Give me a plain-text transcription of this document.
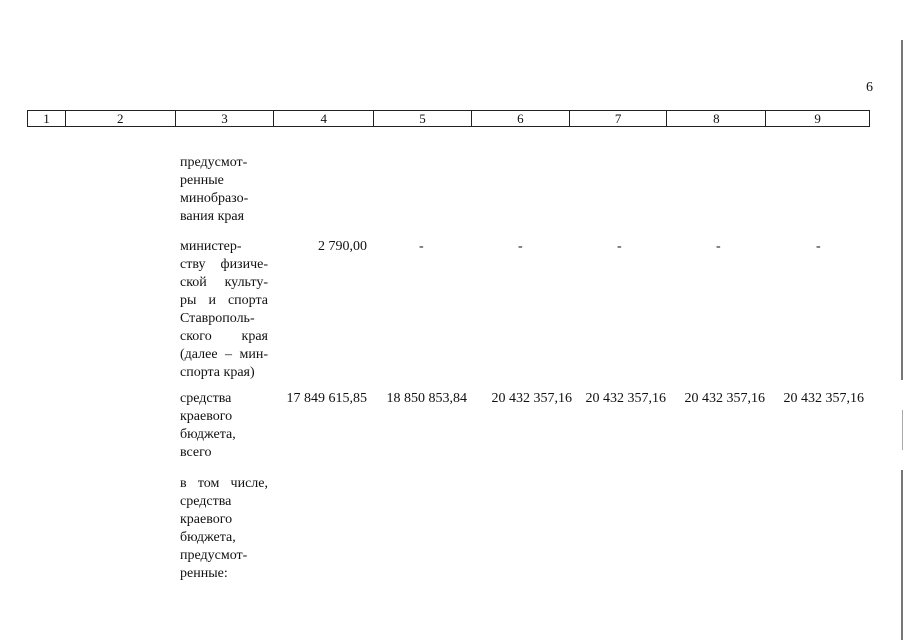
6
1	2	3	4	5	6	7	8	9

предусмот-
ренные
минобразо-
вания края

министер-
ству физиче-
ской культу-
ры и спорта
Ставрополь-
ского края
(далее – мин-
спорта края)

2 790,00	-	-	-	-	-

средства
краевого
бюджета,
всего

17 849 615,85 18 850 853,84 20 432 357,16 20 432 357,16 20 432 357,16 20 432 357,16

в том числе,
средства
краевого
бюджета,
предусмот-
ренные:
